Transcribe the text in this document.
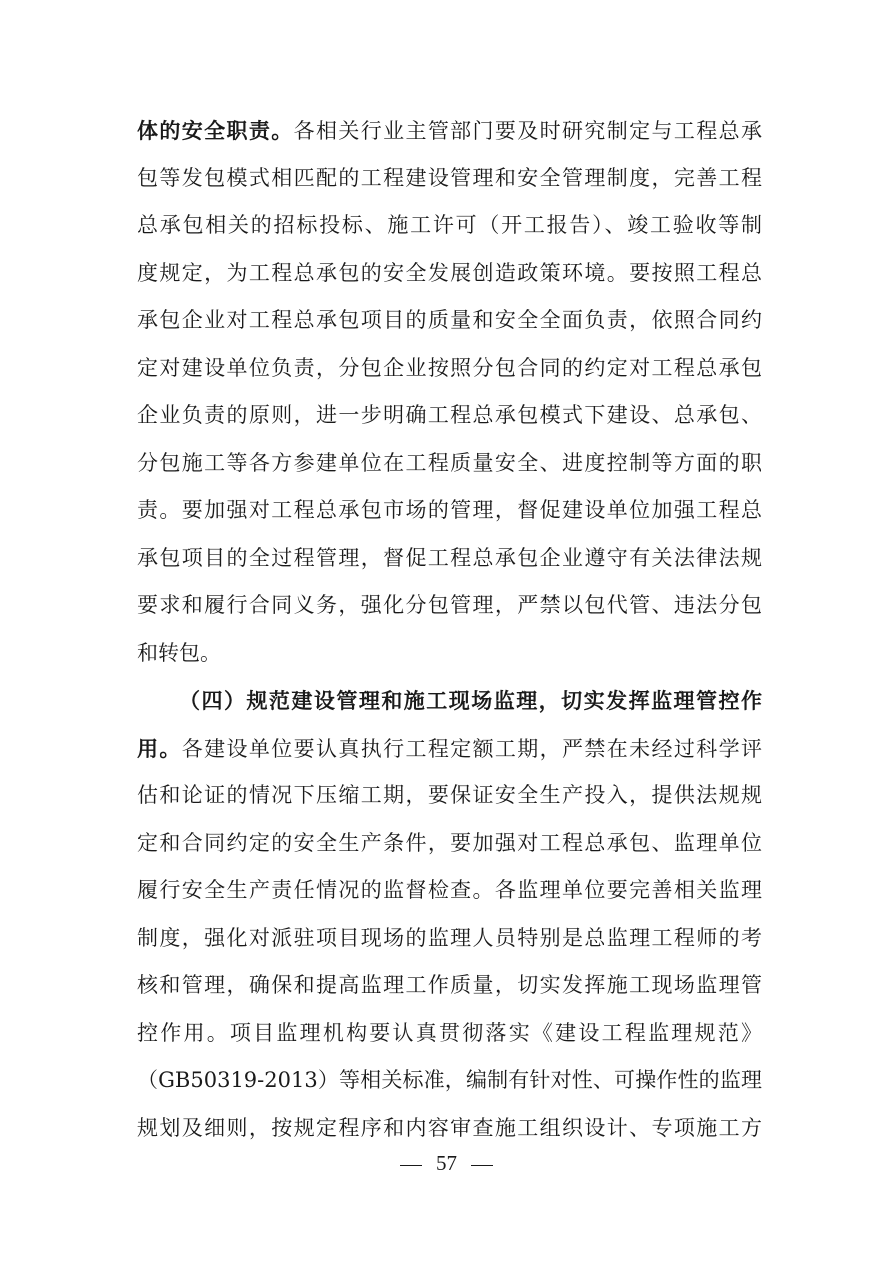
体的安全职责。各相关行业主管部门要及时研究制定与工程总承
包等发包模式相匹配的工程建设管理和安全管理制度，完善工程
总承包相关的招标投标、施工许可（开工报告）、竣工验收等制
度规定，为工程总承包的安全发展创造政策环境。要按照工程总
承包企业对工程总承包项目的质量和安全全面负责，依照合同约
定对建设单位负责，分包企业按照分包合同的约定对工程总承包
企业负责的原则，进一步明确工程总承包模式下建设、总承包、
分包施工等各方参建单位在工程质量安全、进度控制等方面的职
责。要加强对工程总承包市场的管理，督促建设单位加强工程总
承包项目的全过程管理，督促工程总承包企业遵守有关法律法规
要求和履行合同义务，强化分包管理，严禁以包代管、违法分包
和转包。
（四）规范建设管理和施工现场监理，切实发挥监理管控作
用。各建设单位要认真执行工程定额工期，严禁在未经过科学评
估和论证的情况下压缩工期，要保证安全生产投入，提供法规规
定和合同约定的安全生产条件，要加强对工程总承包、监理单位
履行安全生产责任情况的监督检查。各监理单位要完善相关监理
制度，强化对派驻项目现场的监理人员特别是总监理工程师的考
核和管理，确保和提高监理工作质量，切实发挥施工现场监理管
控作用。项目监理机构要认真贯彻落实《建设工程监理规范》
（GB50319-2013）等相关标准，编制有针对性、可操作性的监理
规划及细则，按规定程序和内容审查施工组织设计、专项施工方
57
